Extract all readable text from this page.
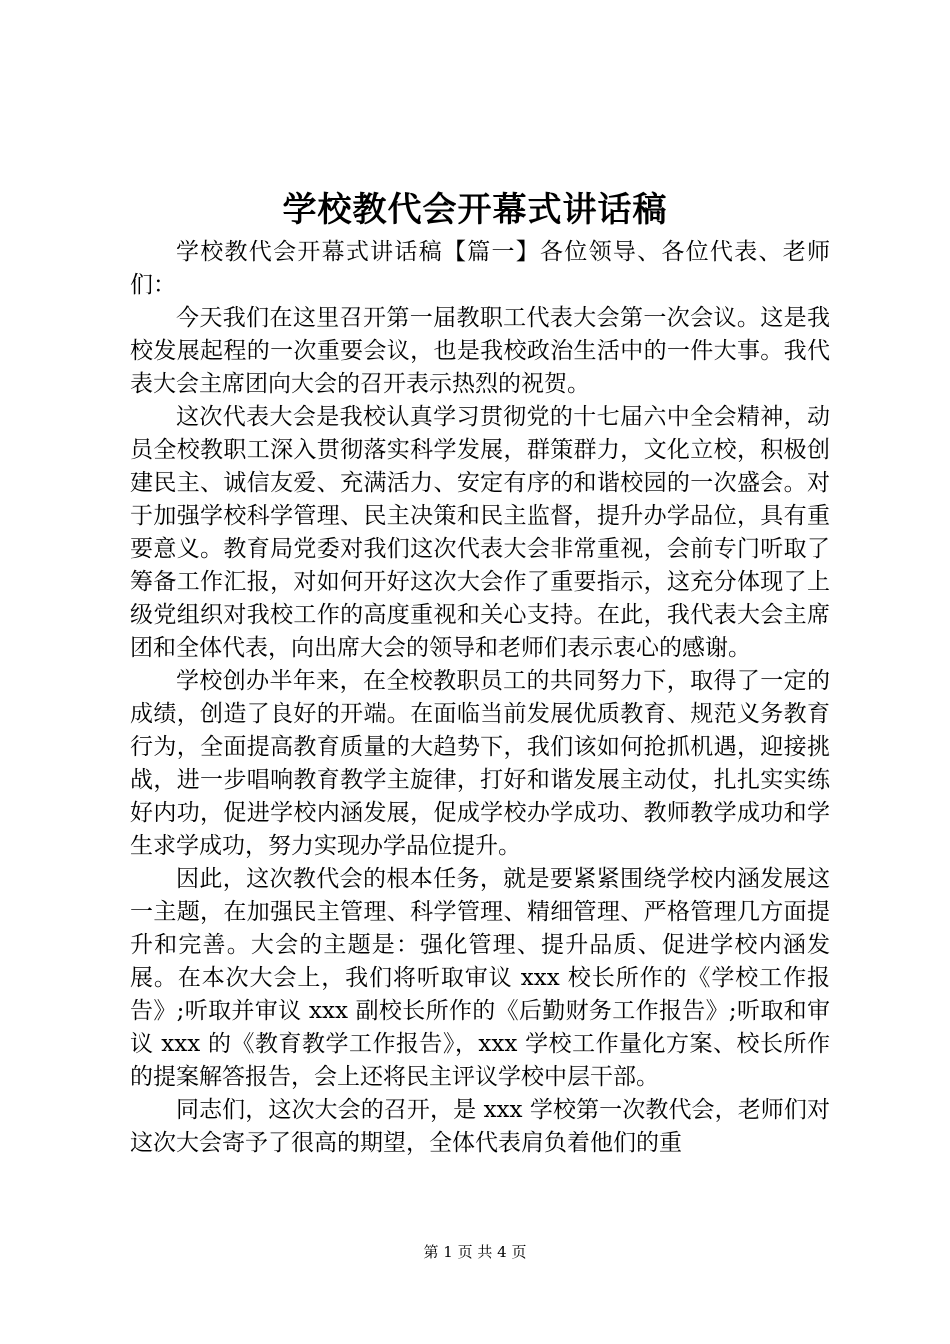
学校教代会开幕式讲话稿

学校教代会开幕式讲话稿【篇一】各位领导、各位代表、老师们：

今天我们在这里召开第一届教职工代表大会第一次会议。这是我校发展起程的一次重要会议，也是我校政治生活中的一件大事。我代表大会主席团向大会的召开表示热烈的祝贺。

这次代表大会是我校认真学习贯彻党的十七届六中全会精神，动员全校教职工深入贯彻落实科学发展，群策群力，文化立校，积极创建民主、诚信友爱、充满活力、安定有序的和谐校园的一次盛会。对于加强学校科学管理、民主决策和民主监督，提升办学品位，具有重要意义。教育局党委对我们这次代表大会非常重视，会前专门听取了筹备工作汇报，对如何开好这次大会作了重要指示，这充分体现了上级党组织对我校工作的高度重视和关心支持。在此，我代表大会主席团和全体代表，向出席大会的领导和老师们表示衷心的感谢。

学校创办半年来，在全校教职员工的共同努力下，取得了一定的成绩，创造了良好的开端。在面临当前发展优质教育、规范义务教育行为，全面提高教育质量的大趋势下，我们该如何抢抓机遇，迎接挑战，进一步唱响教育教学主旋律，打好和谐发展主动仗，扎扎实实练好内功，促进学校内涵发展，促成学校办学成功、教师教学成功和学生求学成功，努力实现办学品位提升。

因此，这次教代会的根本任务，就是要紧紧围绕学校内涵发展这一主题，在加强民主管理、科学管理、精细管理、严格管理几方面提升和完善。大会的主题是：强化管理、提升品质、促进学校内涵发展。在本次大会上，我们将听取审议 xxx 校长所作的《学校工作报告》;听取并审议 xxx 副校长所作的《后勤财务工作报告》;听取和审议 xxx 的《教育教学工作报告》，xxx 学校工作量化方案、校长所作的提案解答报告，会上还将民主评议学校中层干部。

同志们，这次大会的召开，是 xxx 学校第一次教代会，老师们对这次大会寄予了很高的期望，全体代表肩负着他们的重

第 1 页 共 4 页
